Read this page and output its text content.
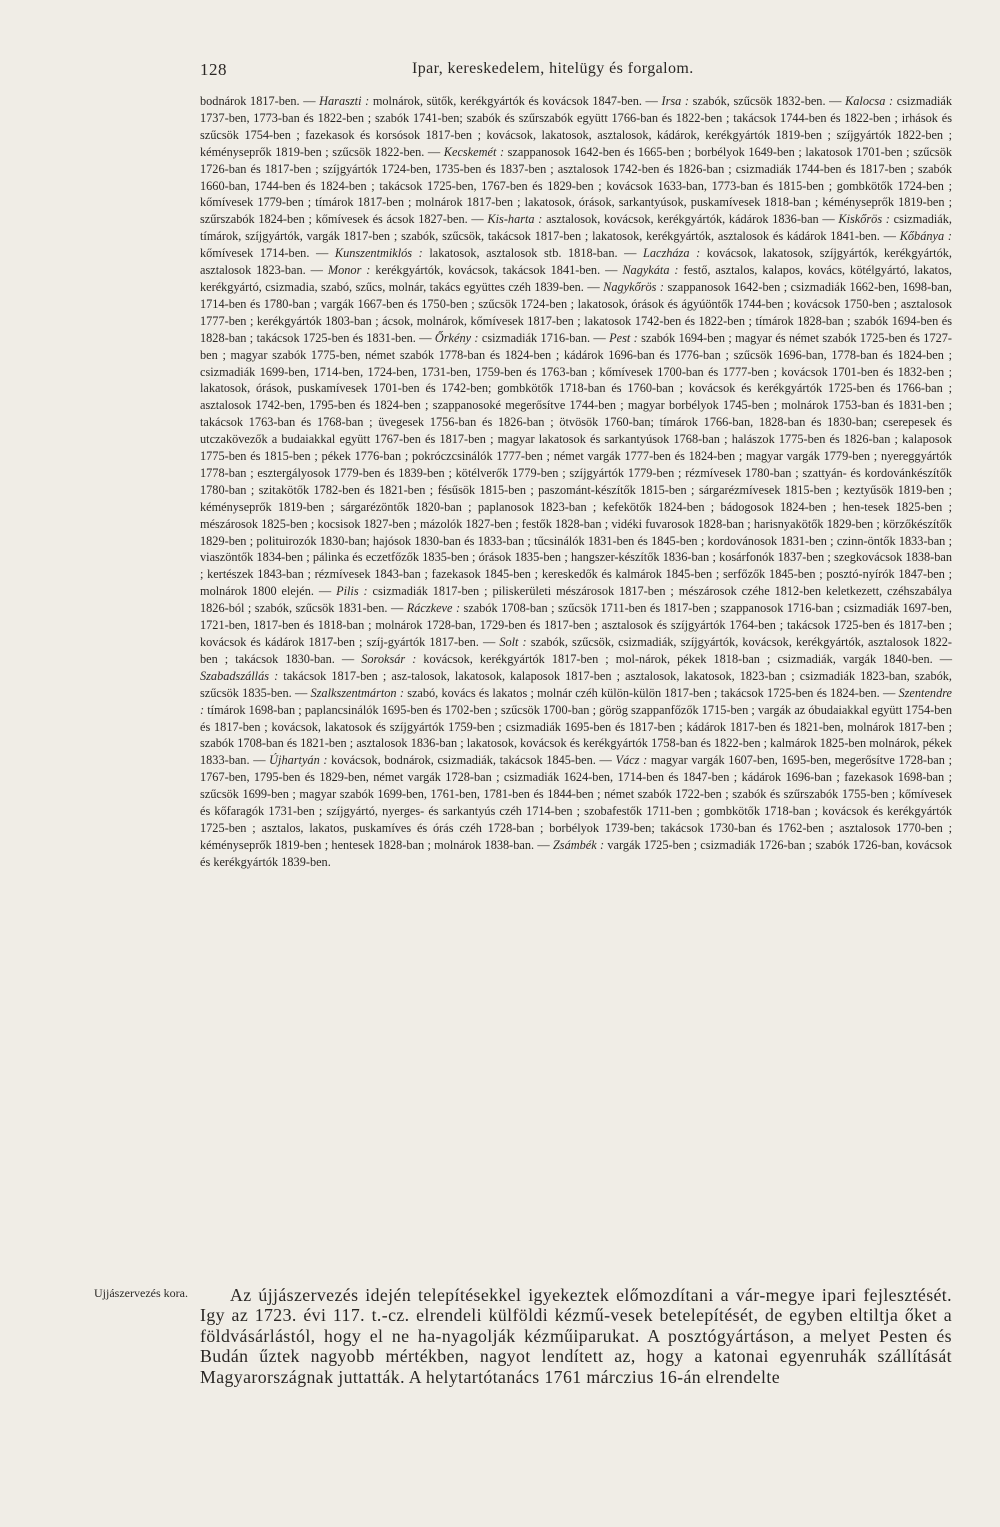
128	Ipar, kereskedelem, hitelügy és forgalom.
bodnárok 1817-ben. — Haraszti : molnárok, sütők, kerékgyártók és kovácsok 1847-ben. — Irsa : szabók, szűcsök 1832-ben. — Kalocsa : csizmadiák 1737-ben, 1773-ban és 1822-ben ; szabók 1741-ben; szabók és szűrszabók együtt 1766-ban és 1822-ben ; takácsok 1744-ben és 1822-ben ; irhások és szűcsök 1754-ben ; fazekasok és korsósok 1817-ben ; kovácsok, lakatosok, asztalosok, kádárok, kerékgyártók 1819-ben ; szíjgyártók 1822-ben ; kéményseprők 1819-ben ; szűcsök 1822-ben. — Kecskemét : szappanosok 1642-ben és 1665-ben ; borbélyok 1649-ben ; lakatosok 1701-ben ; szűcsök 1726-ban és 1817-ben ; szíjgyártók 1724-ben, 1735-ben és 1837-ben ; asztalosok 1742-ben és 1826-ban ; csizmadiák 1744-ben és 1817-ben ; szabók 1660-ban, 1744-ben és 1824-ben ; takácsok 1725-ben, 1767-ben és 1829-ben ; kovácsok 1633-ban, 1773-ban és 1815-ben ; gombkötők 1724-ben ; kőmívesek 1779-ben ; tímárok 1817-ben ; molnárok 1817-ben ; lakatosok, órások, sarkantyúsok, puskamívesek 1818-ban ; kéményseprők 1819-ben ; szűrszabók 1824-ben ; kőmívesek és ácsok 1827-ben. — Kis-harta : asztalosok, kovácsok, kerékgyártók, kádárok 1836-ban — Kiskőrös : csizmadiák, tímárok, szíjgyártók, vargák 1817-ben ; szabók, szűcsök, takácsok 1817-ben ; lakatosok, kerékgyártók, asztalosok és kádárok 1841-ben. — Kőbánya : kőmívesek 1714-ben. — Kunszentmiklós : lakatosok, asztalosok stb. 1818-ban. — Laczháza : kovácsok, lakatosok, szíjgyártók, kerékgyártók, asztalosok 1823-ban. — Monor : kerékgyártók, kovácsok, takácsok 1841-ben. — Nagykáta : festő, asztalos, kalapos, kovács, kötélgyártó, lakatos, kerékgyártó, csizmadia, szabó, szűcs, molnár, takács együttes czéh 1839-ben. — Nagykőrös : szappanosok 1642-ben ; csizmadiák 1662-ben, 1698-ban, 1714-ben és 1780-ban ; vargák 1667-ben és 1750-ben ; szűcsök 1724-ben ; lakatosok, órások és ágyúöntők 1744-ben ; kovácsok 1750-ben ; asztalosok 1777-ben ; kerékgyártók 1803-ban ; ácsok, molnárok, kőmívesek 1817-ben ; lakatosok 1742-ben és 1822-ben ; tímárok 1828-ban ; szabók 1694-ben és 1828-ban ; takácsok 1725-ben és 1831-ben. — Őrkény : csizmadiák 1716-ban. — Pest : szabók 1694-ben ; magyar és német szabók 1725-ben és 1727-ben ; magyar szabók 1775-ben, német szabók 1778-ban és 1824-ben ; kádárok 1696-ban és 1776-ban ; szűcsök 1696-ban, 1778-ban és 1824-ben ; csizmadiák 1699-ben, 1714-ben, 1724-ben, 1731-ben, 1759-ben és 1763-ban ; kőmívesek 1700-ban és 1777-ben ; kovácsok 1701-ben és 1832-ben ; lakatosok, órások, puskamívesek 1701-ben és 1742-ben; gombkötők 1718-ban és 1760-ban ; kovácsok és kerékgyártók 1725-ben és 1766-ban ; asztalosok 1742-ben, 1795-ben és 1824-ben ; szappanosoké megerősítve 1744-ben ; magyar borbélyok 1745-ben ; molnárok 1753-ban és 1831-ben ; takácsok 1763-ban és 1768-ban ; üvegesek 1756-ban és 1826-ban ; ötvösök 1760-ban; tímárok 1766-ban, 1828-ban és 1830-ban; cserepesek és utczakövezők a budaiakkal együtt 1767-ben és 1817-ben ; magyar lakatosok és sarkantyúsok 1768-ban ; halászok 1775-ben és 1826-ban ; kalaposok 1775-ben és 1815-ben ; pékek 1776-ban ; pokróczcsinálók 1777-ben ; német vargák 1777-ben és 1824-ben ; magyar vargák 1779-ben ; nyereggyártók 1778-ban ; esztergályosok 1779-ben és 1839-ben ; kötélverők 1779-ben ; szíjgyártók 1779-ben ; rézmívesek 1780-ban ; szattyán- és kordovánkészítők 1780-ban ; szitakötők 1782-ben és 1821-ben ; fésűsök 1815-ben ; paszománt-készítők 1815-ben ; sárgarézmívesek 1815-ben ; keztyűsök 1819-ben ; kéményseprők 1819-ben ; sárgarézöntők 1820-ban ; paplanosok 1823-ban ; kefekötők 1824-ben ; bádogosok 1824-ben ; hen-tesek 1825-ben ; mészárosok 1825-ben ; kocsisok 1827-ben ; mázolók 1827-ben ; festők 1828-ban ; vidéki fuvarosok 1828-ban ; harisnyakötők 1829-ben ; körzőkészítők 1829-ben ; polituirozók 1830-ban; hajósok 1830-ban és 1833-ban ; tűcsinálók 1831-ben és 1845-ben ; kordovánosok 1831-ben ; czinn-öntők 1833-ban ; viaszöntők 1834-ben ; pálinka és eczetfőzők 1835-ben ; órások 1835-ben ; hangszer-készítők 1836-ban ; kosárfonók 1837-ben ; szegkovácsok 1838-ban ; kertészek 1843-ban ; rézmívesek 1843-ban ; fazekasok 1845-ben ; kereskedők és kalmárok 1845-ben ; serfőzők 1845-ben ; posztó-nyírók 1847-ben ; molnárok 1800 elején. — Pilis : csizmadiák 1817-ben ; piliskerületi mészárosok 1817-ben ; mészárosok czéhe 1812-ben keletkezett, czéhszabálya 1826-ból ; szabók, szűcsök 1831-ben. — Ráczkeve : szabók 1708-ban ; szűcsök 1711-ben és 1817-ben ; szappanosok 1716-ban ; csizmadiák 1697-ben, 1721-ben, 1817-ben és 1818-ban ; molnárok 1728-ban, 1729-ben és 1817-ben ; asztalosok és szíjgyártók 1764-ben ; takácsok 1725-ben és 1817-ben ; kovácsok és kádárok 1817-ben ; szíj-gyártók 1817-ben. — Solt : szabók, szűcsök, csizmadiák, szíjgyártók, kovácsok, kerékgyártók, asztalosok 1822-ben ; takácsok 1830-ban. — Soroksár : kovácsok, kerékgyártók 1817-ben ; mol-nárok, pékek 1818-ban ; csizmadiák, vargák 1840-ben. — Szabadszállás : takácsok 1817-ben ; asz-talosok, lakatosok, kalaposok 1817-ben ; asztalosok, lakatosok, 1823-ban ; csizmadiák 1823-ban, szabók, szűcsök 1835-ben. — Szalkszentmárton : szabó, kovács és lakatos ; molnár czéh külön-külön 1817-ben ; takácsok 1725-ben és 1824-ben. — Szentendre : tímárok 1698-ban ; paplancsinálók 1695-ben és 1702-ben ; szűcsök 1700-ban ; görög szappanfőzők 1715-ben ; vargák az óbudaiakkal együtt 1754-ben és 1817-ben ; kovácsok, lakatosok és szíjgyártók 1759-ben ; csizmadiák 1695-ben és 1817-ben ; kádárok 1817-ben és 1821-ben, molnárok 1817-ben ; szabók 1708-ban és 1821-ben ; asztalosok 1836-ban ; lakatosok, kovácsok és kerékgyártók 1758-ban és 1822-ben ; kalmárok 1825-ben molnárok, pékek 1833-ban. — Újhartyán : kovácsok, bodnárok, csizmadiák, takácsok 1845-ben. — Vácz : magyar vargák 1607-ben, 1695-ben, megerősítve 1728-ban ; 1767-ben, 1795-ben és 1829-ben, német vargák 1728-ban ; csizmadiák 1624-ben, 1714-ben és 1847-ben ; kádárok 1696-ban ; fazekasok 1698-ban ; szűcsök 1699-ben ; magyar szabók 1699-ben, 1761-ben, 1781-ben és 1844-ben ; német szabók 1722-ben ; szabók és szűrszabók 1755-ben ; kőmívesek és kőfaragók 1731-ben ; szíjgyártó, nyerges- és sarkantyús czéh 1714-ben ; szobafestők 1711-ben ; gombkötők 1718-ban ; kovácsok és kerékgyártók 1725-ben ; asztalos, lakatos, puskamíves és órás czéh 1728-ban ; borbélyok 1739-ben; takácsok 1730-ban és 1762-ben ; asztalosok 1770-ben ; kéményseprők 1819-ben ; hentesek 1828-ban ; molnárok 1838-ban. — Zsámbék : vargák 1725-ben ; csizmadiák 1726-ban ; szabók 1726-ban, kovácsok és kerékgyártók 1839-ben.
Ujjászervezés kora.	Az újjászervezés idején telepítésekkel igyekeztek előmozdítani a vár-megye ipari fejlesztését. Igy az 1723. évi 117. t.-cz. elrendeli külföldi kézmű-vesek betelepítését, de egyben eltiltja őket a földvásárlástól, hogy el ne ha-nyagolják kézműiparukat. A posztógyártáson, a melyet Pesten és Budán űztek nagyobb mértékben, nagyot lendített az, hogy a katonai egyenruhák szállítását Magyarországnak juttatták. A helytartótanács 1761 márczius 16-án elrendelte
